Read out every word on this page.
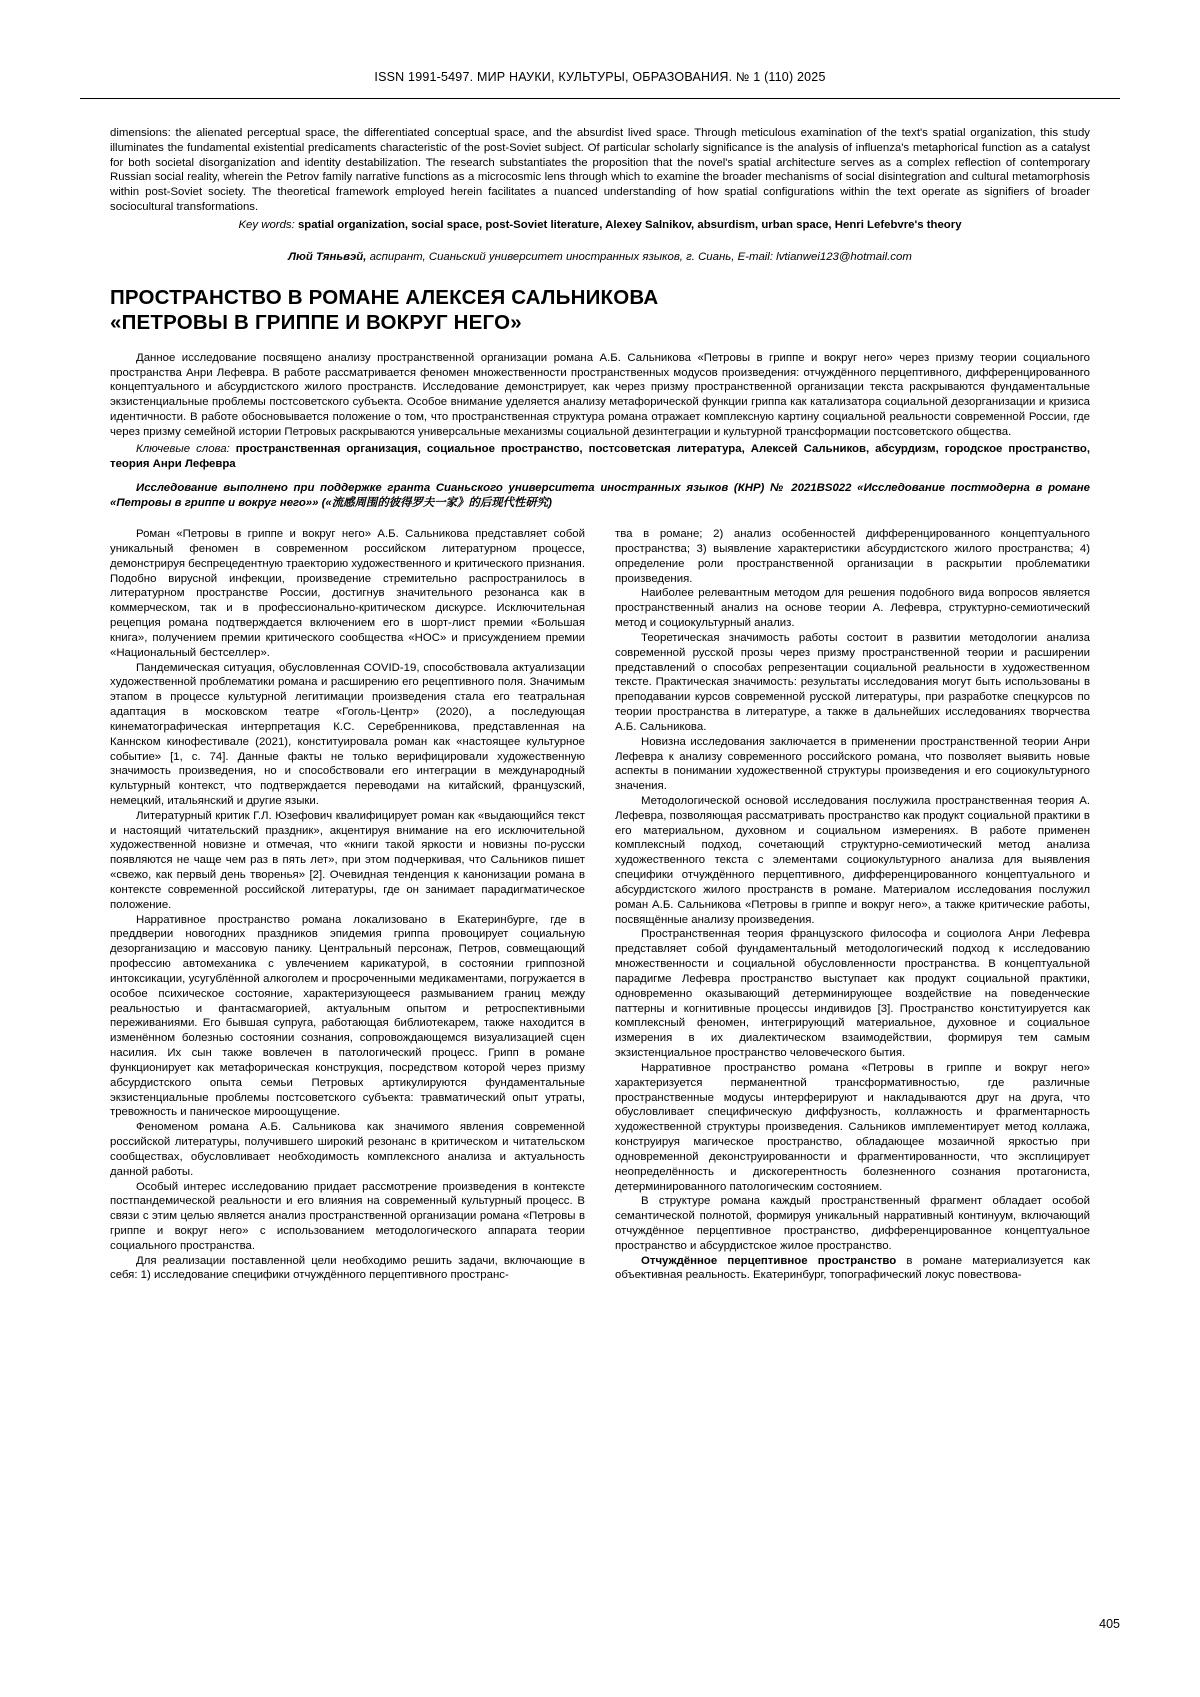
ISSN 1991-5497. МИР НАУКИ, КУЛЬТУРЫ, ОБРАЗОВАНИЯ. № 1 (110) 2025

dimensions: the alienated perceptual space, the differentiated conceptual space, and the absurdist lived space. Through meticulous examination of the text's spatial organization, this study illuminates the fundamental existential predicaments characteristic of the post-Soviet subject. Of particular scholarly significance is the analysis of influenza's metaphorical function as a catalyst for both societal disorganization and identity destabilization. The research substantiates the proposition that the novel's spatial architecture serves as a complex reflection of contemporary Russian social reality, wherein the Petrov family narrative functions as a microcosmic lens through which to examine the broader mechanisms of social disintegration and cultural metamorphosis within post-Soviet society. The theoretical framework employed herein facilitates a nuanced understanding of how spatial configurations within the text operate as signifiers of broader sociocultural transformations.

Key words: spatial organization, social space, post-Soviet literature, Alexey Salnikov, absurdism, urban space, Henri Lefebvre's theory
Люй Тяньвэй, аспирант, Сианьский университет иностранных языков, г. Сиань, E-mail: lvtianwei123@hotmail.com
ПРОСТРАНСТВО В РОМАНЕ АЛЕКСЕЯ САЛЬНИКОВА
«ПЕТРОВЫ В ГРИППЕ И ВОКРУГ НЕГО»

Данное исследование посвящено анализу пространственной организации романа А.Б. Сальникова «Петровы в гриппе и вокруг него» через призму теории социального пространства Анри Лефевра. В работе рассматривается феномен множественности пространственных модусов произведения: отчуждённого перцептивного, дифференцированного концептуального и абсурдистского жилого пространств. Исследование демонстрирует, как через призму пространственной организации текста раскрываются фундаментальные экзистенциальные проблемы постсоветского субъекта. Особое внимание уделяется анализу метафорической функции гриппа как катализатора социальной дезорганизации и кризиса идентичности. В работе обосновывается положение о том, что пространственная структура романа отражает комплексную картину социальной реальности современной России, где через призму семейной истории Петровых раскрываются универсальные механизмы социальной дезинтеграции и культурной трансформации постсоветского общества.

Ключевые слова: пространственная организация, социальное пространство, постсоветская литература, Алексей Сальников, абсурдизм, городское пространство, теория Анри Лефевра

Исследование выполнено при поддержке гранта Сианьского университета иностранных языков (КНР) № 2021BS022 «Исследование постмодерна в романе «Петровы в гриппе и вокруг него»» («流感周围的彼得罗夫一家》的后现代性研究)

Роман «Петровы в гриппе и вокруг него» А.Б. Сальникова представляет собой уникальный феномен в современном российском литературном процессе, демонстрируя беспрецедентную траекторию художественного и критического признания. Подобно вирусной инфекции, произведение стремительно распространилось в литературном пространстве России, достигнув значительного резонанса как в коммерческом, так и в профессионально-критическом дискурсе. Исключительная рецепция романа подтверждается включением его в шорт-лист премии «Большая книга», получением премии критического сообщества «НОС» и присуждением премии «Национальный бестселлер».

Пандемическая ситуация, обусловленная COVID-19, способствовала актуализации художественной проблематики романа и расширению его рецептивного поля. Значимым этапом в процессе культурной легитимации произведения стала его театральная адаптация в московском театре «Гоголь-Центр» (2020), а последующая кинематографическая интерпретация К.С. Серебренникова, представленная на Каннском кинофестивале (2021), конституировала роман как «настоящее культурное событие» [1, с. 74]. Данные факты не только верифицировали художественную значимость произведения, но и способствовали его интеграции в международный культурный контекст, что подтверждается переводами на китайский, французский, немецкий, итальянский и другие языки.

Литературный критик Г.Л. Юзефович квалифицирует роман как «выдающийся текст и настоящий читательский праздник», акцентируя внимание на его исключительной художественной новизне и отмечая, что «книги такой яркости и новизны по-русски появляются не чаще чем раз в пять лет», при этом подчеркивая, что Сальников пишет «свежо, как первый день творенья» [2]. Очевидная тенденция к канонизации романа в контексте современной российской литературы, где он занимает парадигматическое положение.

Нарративное пространство романа локализовано в Екатеринбурге, где в преддверии новогодних праздников эпидемия гриппа провоцирует социальную дезорганизацию и массовую панику. Центральный персонаж, Петров, совмещающий профессию автомеханика с увлечением карикатурой, в состоянии гриппозной интоксикации, усугублённой алкоголем и просроченными медикаментами, погружается в особое психическое состояние, характеризующееся размыванием границ между реальностью и фантасмагорией, актуальным опытом и ретроспективными переживаниями. Его бывшая супруга, работающая библиотекарем, также находится в изменённом болезнью состоянии сознания, сопровождающемся визуализацией сцен насилия. Их сын также вовлечен в патологический процесс. Грипп в романе функционирует как метафорическая конструкция, посредством которой через призму абсурдистского опыта семьи Петровых артикулируются фундаментальные экзистенциальные проблемы постсоветского субъекта: травматический опыт утраты, тревожность и паническое мироощущение.

Феноменом романа А.Б. Сальникова как значимого явления современной российской литературы, получившего широкий резонанс в критическом и читательском сообществах, обусловливает необходимость комплексного анализа и актуальность данной работы.

Особый интерес исследованию придает рассмотрение произведения в контексте постпандемической реальности и его влияния на современный культурный процесс. В связи с этим целью является анализ пространственной организации романа «Петровы в гриппе и вокруг него» с использованием методологического аппарата теории социального пространства.

Для реализации поставленной цели необходимо решить задачи, включающие в себя: 1) исследование специфики отчуждённого перцептивного пространс-

тва в романе; 2) анализ особенностей дифференцированного концептуального пространства; 3) выявление характеристики абсурдистского жилого пространства; 4) определение роли пространственной организации в раскрытии проблематики произведения.

Наиболее релевантным методом для решения подобного вида вопросов является пространственный анализ на основе теории А. Лефевра, структурно-семиотический метод и социокультурный анализ.

Теоретическая значимость работы состоит в развитии методологии анализа современной русской прозы через призму пространственной теории и расширении представлений о способах репрезентации социальной реальности в художественном тексте. Практическая значимость: результаты исследования могут быть использованы в преподавании курсов современной русской литературы, при разработке спецкурсов по теории пространства в литературе, а также в дальнейших исследованиях творчества А.Б. Сальникова.

Новизна исследования заключается в применении пространственной теории Анри Лефевра к анализу современного российского романа, что позволяет выявить новые аспекты в понимании художественной структуры произведения и его социокультурного значения.

Методологической основой исследования послужила пространственная теория А. Лефевра, позволяющая рассматривать пространство как продукт социальной практики в его материальном, духовном и социальном измерениях. В работе применен комплексный подход, сочетающий структурно-семиотический метод анализа художественного текста с элементами социокультурного анализа для выявления специфики отчуждённого перцептивного, дифференцированного концептуального и абсурдистского жилого пространств в романе. Материалом исследования послужил роман А.Б. Сальникова «Петровы в гриппе и вокруг него», а также критические работы, посвящённые анализу произведения.

Пространственная теория французского философа и социолога Анри Лефевра представляет собой фундаментальный методологический подход к исследованию множественности и социальной обусловленности пространства. В концептуальной парадигме Лефевра пространство выступает как продукт социальной практики, одновременно оказывающий детерминирующее воздействие на поведенческие паттерны и когнитивные процессы индивидов [3]. Пространство конституируется как комплексный феномен, интегрирующий материальное, духовное и социальное измерения в их диалектическом взаимодействии, формируя тем самым экзистенциальное пространство человеческого бытия.

Нарративное пространство романа «Петровы в гриппе и вокруг него» характеризуется перманентной трансформативностью, где различные пространственные модусы интерферируют и накладываются друг на друга, что обусловливает специфическую диффузность, коллажность и фрагментарность художественной структуры произведения. Сальников имплементирует метод коллажа, конструируя магическое пространство, обладающее мозаичной яркостью при одновременной деконструированности и фрагментированности, что эксплицирует неопределённость и дискогерентность болезненного сознания протагониста, детерминированного патологическим состоянием.

В структуре романа каждый пространственный фрагмент обладает особой семантической полнотой, формируя уникальный нарративный континуум, включающий отчуждённое перцептивное пространство, дифференцированное концептуальное пространство и абсурдистское жилое пространство.

Отчуждённое перцептивное пространство в романе материализуется как объективная реальность. Екатеринбург, топографический локус повествова-

405
